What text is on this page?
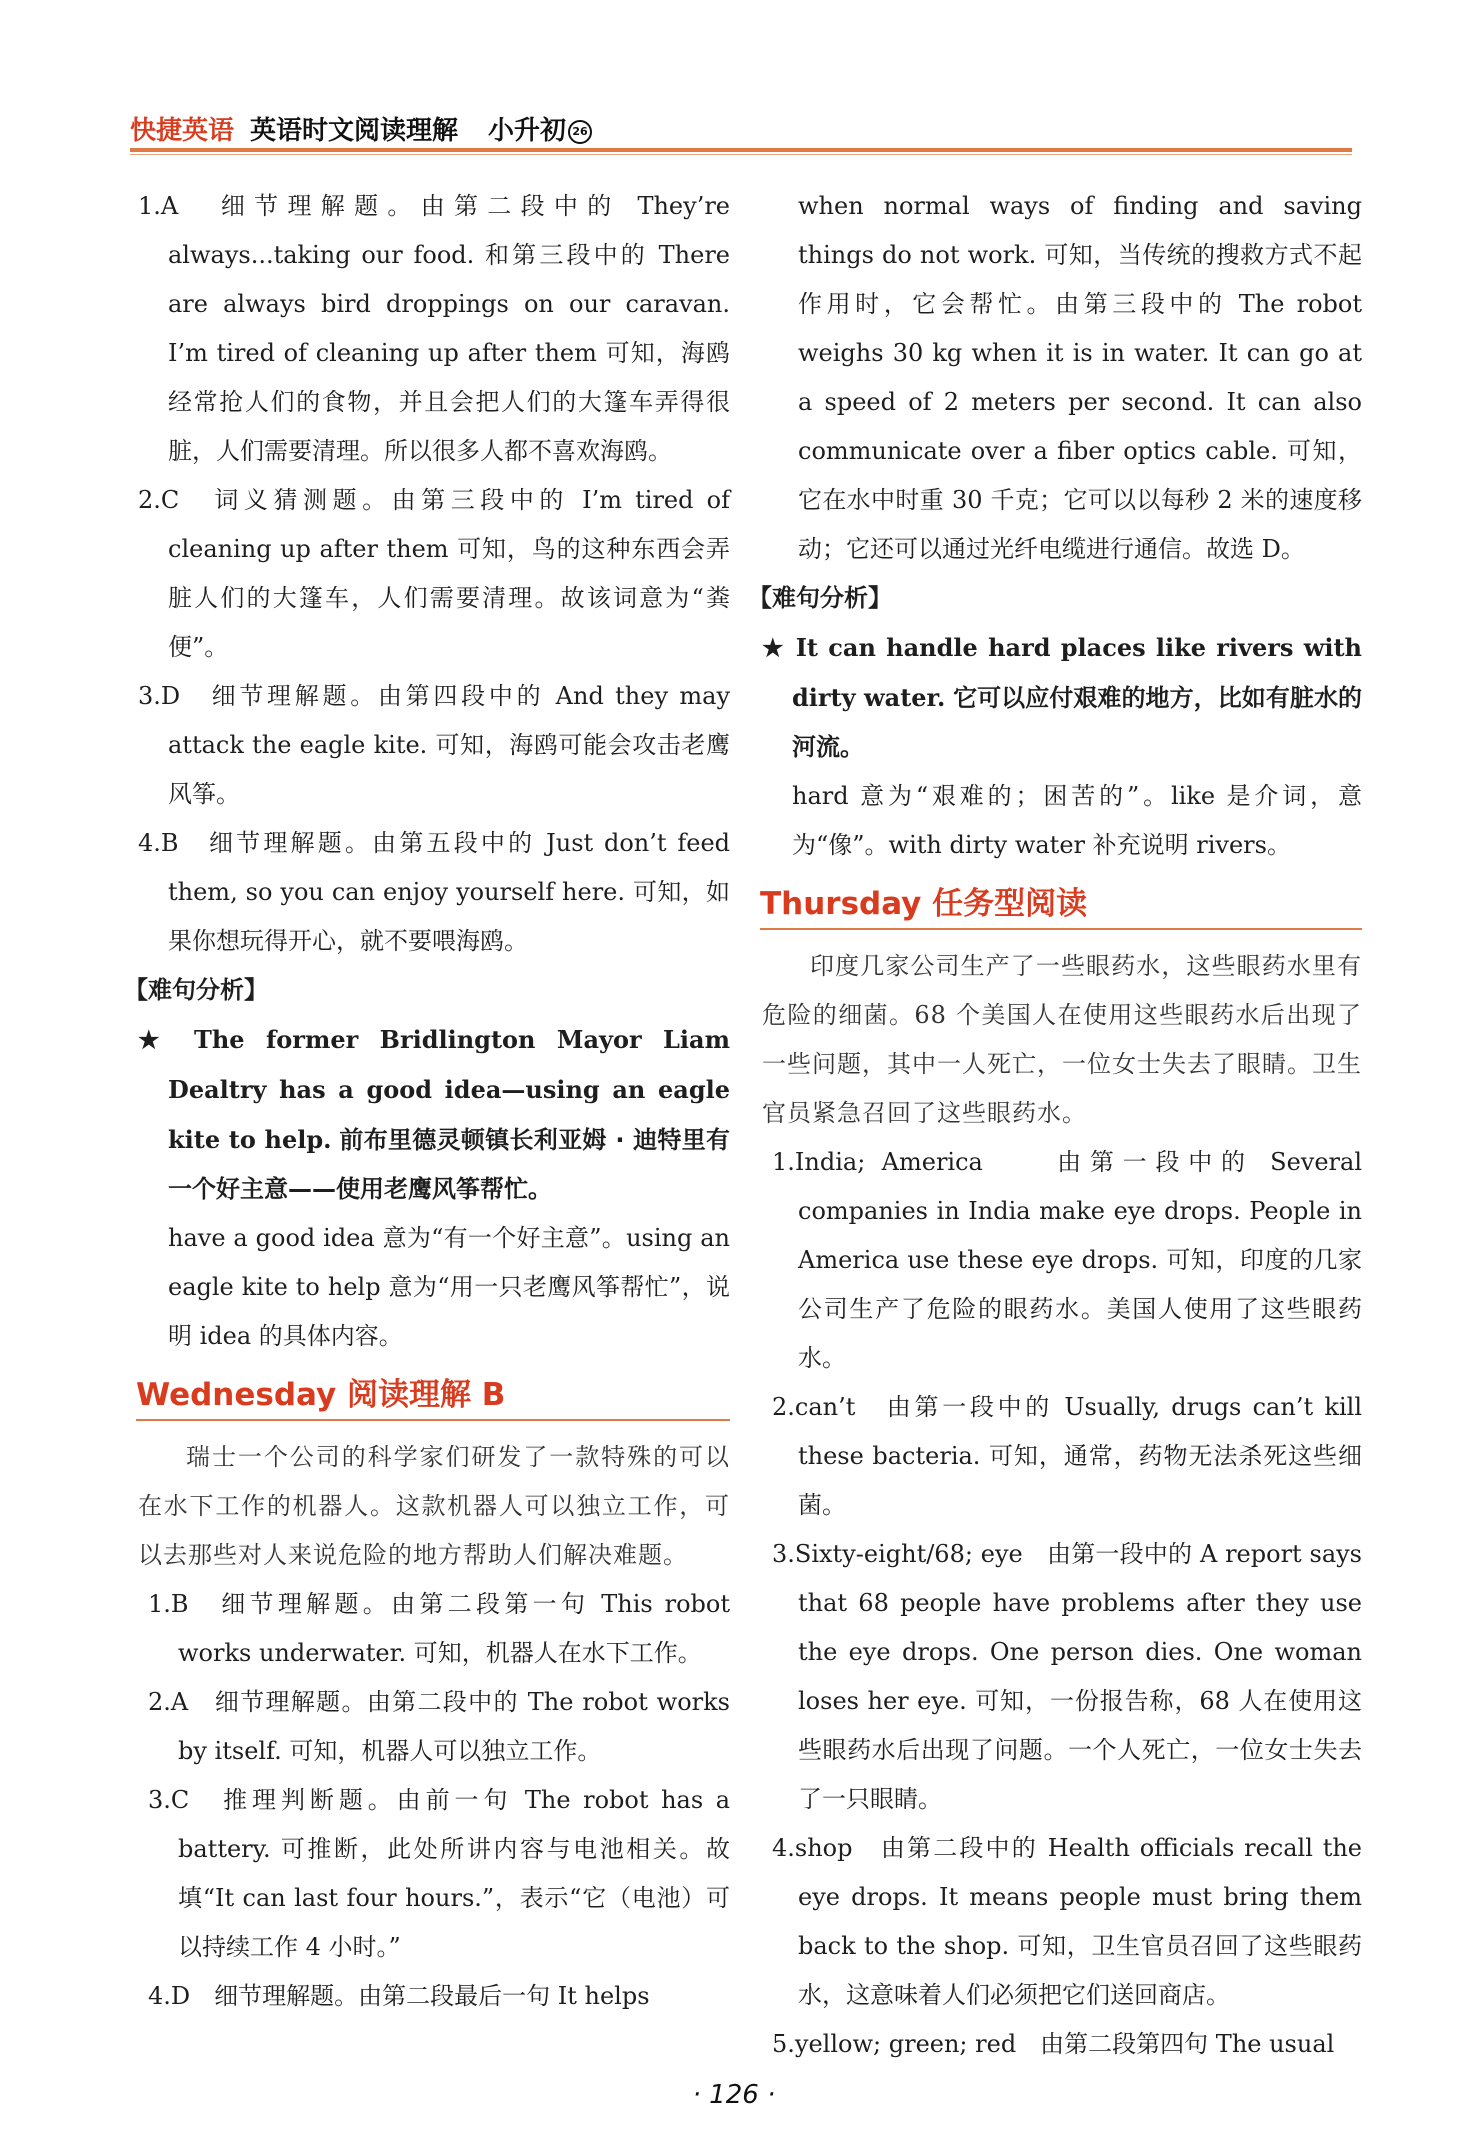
快捷英语 英语时文阅读理解 小升初 26

1.A　 细节理解题。由第二段中的 They’re always...taking our food. 和第三段中的 There are always bird droppings on our caravan. I’m tired of cleaning up after them 可知，海鸥经常抢人们的食物，并且会把人们的大篷车弄得很脏，人们需要清理。所以很多人都不喜欢海鸥。

2.C　 词义猜测题。由第三段中的 I’m tired of cleaning up after them 可知，鸟的这种东西会弄脏人们的大篷车，人们需要清理。故该词意为“粪便”。

3.D　 细节理解题。由第四段中的 And they may attack the eagle kite. 可知，海鸥可能会攻击老鹰风筝。

4.B　 细节理解题。由第五段中的 Just don’t feed them, so you can enjoy yourself here. 可知，如果你想玩得开心，就不要喂海鸥。

【难句分析】

★ The former Bridlington Mayor Liam Dealtry has a good idea—using an eagle kite to help. 前布里德灵顿镇长利亚姆 · 迪特里有一个好主意——使用老鹰风筝帮忙。

have a good idea 意为“有一个好主意”。using an eagle kite to help 意为“用一只老鹰风筝帮忙”，说明 idea 的具体内容。

Wednesday 阅读理解 B

瑞士一个公司的科学家们研发了一款特殊的可以在水下工作的机器人。这款机器人可以独立工作，可以去那些对人来说危险的地方帮助人们解决难题。

1.B　 细节理解题。由第二段第一句 This robot works underwater. 可知，机器人在水下工作。

2.A　 细节理解题。由第二段中的 The robot works by itself. 可知，机器人可以独立工作。

3.C　 推理判断题。由前一句 The robot has a battery. 可推断，此处所讲内容与电池相关。故填“It can last four hours.”，表示“它（电池）可以持续工作 4 小时。”

4.D　 细节理解题。由第二段最后一句 It helps

when normal ways of finding and saving things do not work. 可知，当传统的搜救方式不起作用时，它会帮忙。由第三段中的 The robot weighs 30 kg when it is in water. It can go at a speed of 2 meters per second. It can also communicate over a fiber optics cable. 可知，它在水中时重 30 千克；它可以以每秒 2 米的速度移动；它还可以通过光纤电缆进行通信。故选 D。

【难句分析】

★ It can handle hard places like rivers with dirty water. 它可以应付艰难的地方，比如有脏水的河流。

hard 意为“艰难的；困苦的”。like 是介词，意为“像”。with dirty water 补充说明 rivers。

Thursday 任务型阅读

印度几家公司生产了一些眼药水，这些眼药水里有危险的细菌。68 个美国人在使用这些眼药水后出现了一些问题，其中一人死亡，一位女士失去了眼睛。卫生官员紧急召回了这些眼药水。

1.India; America　　由第一段中的 Several companies in India make eye drops. People in America use these eye drops. 可知，印度的几家公司生产了危险的眼药水。美国人使用了这些眼药水。

2.can’t　由第一段中的 Usually, drugs can’t kill these bacteria. 可知，通常，药物无法杀死这些细菌。

3.Sixty-eight/68; eye　由第一段中的 A report says that 68 people have problems after they use the eye drops. One person dies. One woman loses her eye. 可知，一份报告称，68 人在使用这些眼药水后出现了问题。一个人死亡，一位女士失去了一只眼睛。

4.shop　由第二段中的 Health officials recall the eye drops. It means people must bring them back to the shop. 可知，卫生官员召回了这些眼药水，这意味着人们必须把它们送回商店。

5.yellow; green; red　由第二段第四句 The usual

· 126 ·
